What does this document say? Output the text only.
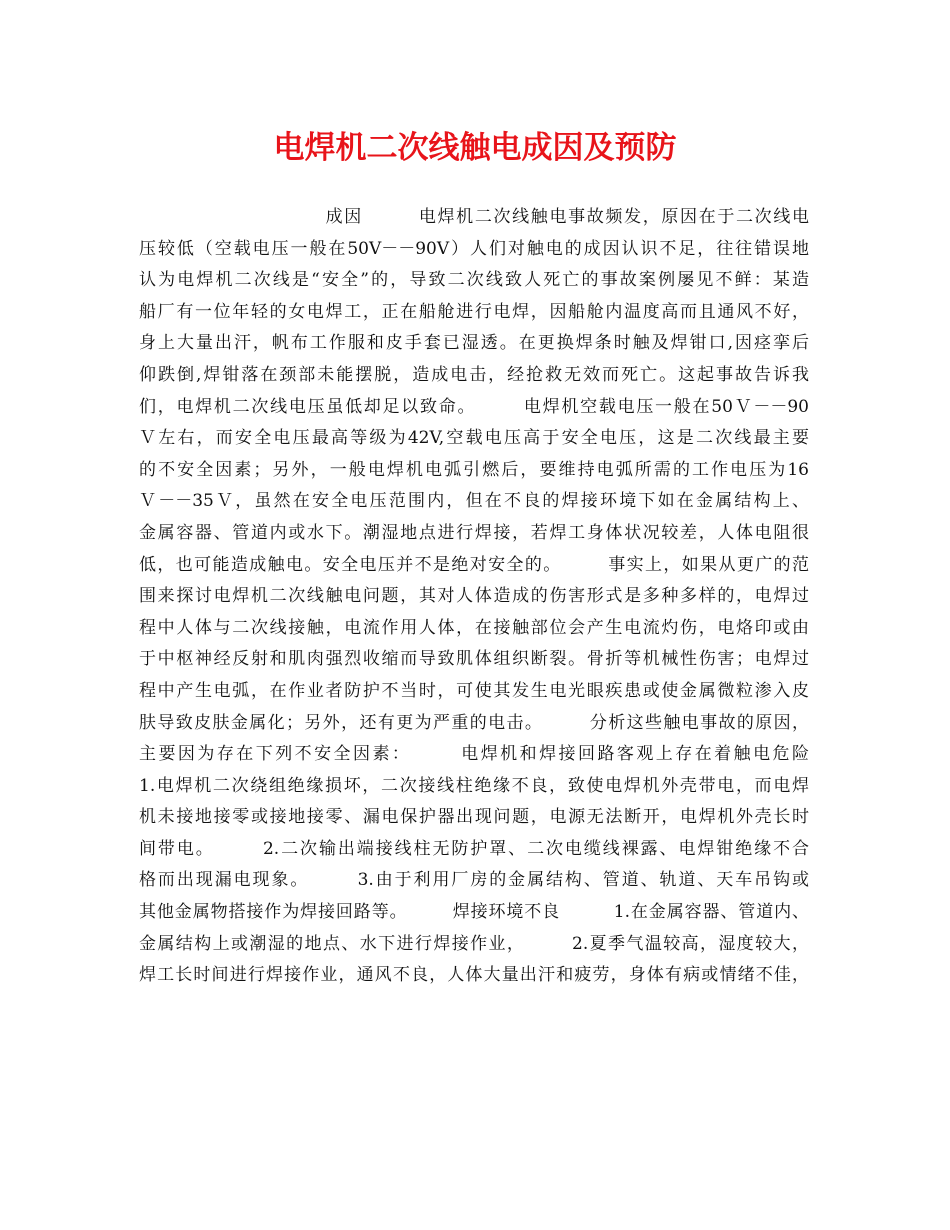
电焊机二次线触电成因及预防
　　　　　　　　　　成因　　　电焊机二次线触电事故频发，原因在于二次线电
压较低（空载电压一般在50V－－90V）人们对触电的成因认识不足，往往错误地
认为电焊机二次线是“安全”的，导致二次线致人死亡的事故案例屡见不鲜：某造
船厂有一位年轻的女电焊工，正在船舱进行电焊，因船舱内温度高而且通风不好，
身上大量出汗，帆布工作服和皮手套已湿透。在更换焊条时触及焊钳口,因痉挛后
仰跌倒,焊钳落在颈部未能摆脱，造成电击，经抢救无效而死亡。这起事故告诉我
们，电焊机二次线电压虽低却足以致命。　　　电焊机空载电压一般在50Ｖ－－90
Ｖ左右，而安全电压最高等级为42V,空载电压高于安全电压，这是二次线最主要
的不安全因素；另外，一般电焊机电弧引燃后，要维持电弧所需的工作电压为16
Ｖ－－35Ｖ，虽然在安全电压范围内，但在不良的焊接环境下如在金属结构上、
金属容器、管道内或水下。潮湿地点进行焊接，若焊工身体状况较差，人体电阻很
低，也可能造成触电。安全电压并不是绝对安全的。　　　事实上，如果从更广的范
围来探讨电焊机二次线触电问题，其对人体造成的伤害形式是多种多样的，电焊过
程中人体与二次线接触，电流作用人体，在接触部位会产生电流灼伤，电烙印或由
于中枢神经反射和肌肉强烈收缩而导致肌体组织断裂。骨折等机械性伤害；电焊过
程中产生电弧，在作业者防护不当时，可使其发生电光眼疾患或使金属微粒渗入皮
肤导致皮肤金属化；另外，还有更为严重的电击。　　　分析这些触电事故的原因，
主要因为存在下列不安全因素：　　　电焊机和焊接回路客观上存在着触电危险
1.电焊机二次绕组绝缘损坏，二次接线柱绝缘不良，致使电焊机外壳带电，而电焊
机未接地接零或接地接零、漏电保护器出现问题，电源无法断开，电焊机外壳长时
间带电。　　　2.二次输出端接线柱无防护罩、二次电缆线裸露、电焊钳绝缘不合
格而出现漏电现象。　　　3.由于利用厂房的金属结构、管道、轨道、天车吊钩或
其他金属物搭接作为焊接回路等。　　　焊接环境不良　　　1.在金属容器、管道内、
金属结构上或潮湿的地点、水下进行焊接作业，　　　2.夏季气温较高，湿度较大，
焊工长时间进行焊接作业，通风不良，人体大量出汗和疲劳，身体有病或情绪不佳，
